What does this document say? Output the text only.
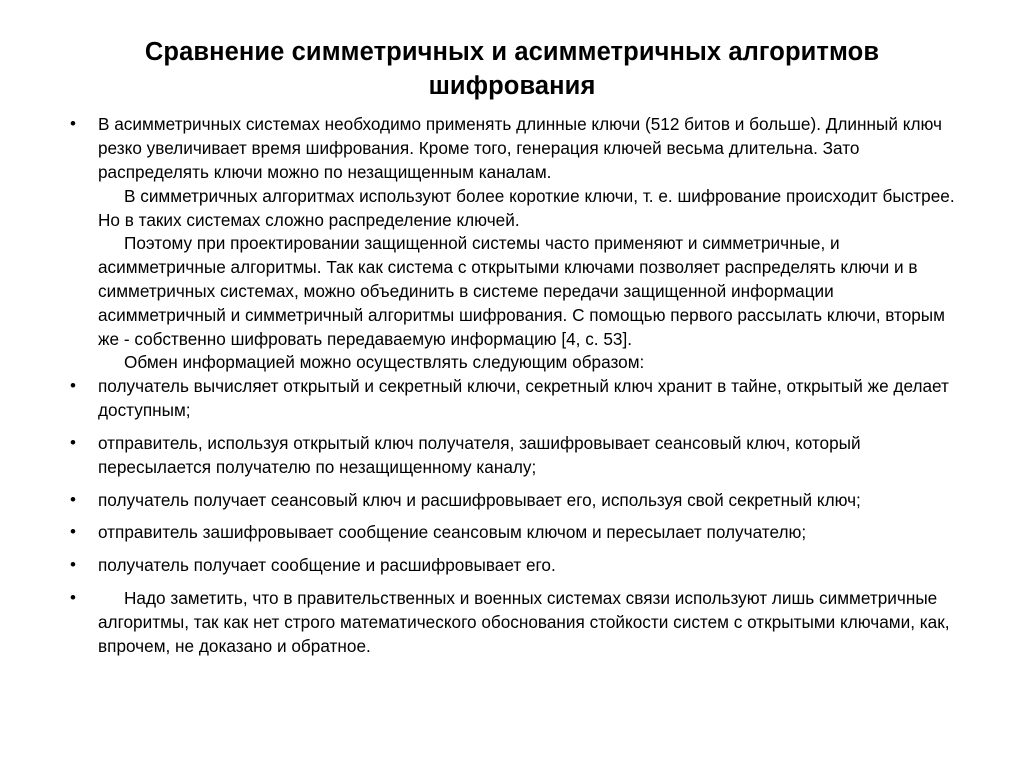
Сравнение симметричных и асимметричных алгоритмов шифрования

• В асимметричных системах необходимо применять длинные ключи (512 битов и больше). Длинный ключ резко увеличивает время шифрования. Кроме того, генерация ключей весьма длительна. Зато распределять ключи можно по незащищенным каналам.

В симметричных алгоритмах используют более короткие ключи, т. е. шифрование происходит быстрее. Но в таких системах сложно распределение ключей.

Поэтому при проектировании защищенной системы часто применяют и симметричные, и асимметричные алгоритмы. Так как система с открытыми ключами позволяет распределять ключи и в симметричных системах, можно объединить в системе передачи защищенной информации асимметричный и симметричный алгоритмы шифрования. С помощью первого рассылать ключи, вторым же - собственно шифровать передаваемую информацию [4, с. 53].

Обмен информацией можно осуществлять следующим образом:

• получатель вычисляет открытый и секретный ключи, секретный ключ хранит в тайне, открытый же делает доступным;

• отправитель, используя открытый ключ получателя, зашифровывает сеансовый ключ, который пересылается получателю по незащищенному каналу;

• получатель получает сеансовый ключ и расшифровывает его, используя свой секретный ключ;

• отправитель зашифровывает сообщение сеансовым ключом и пересылает получателю;

• получатель получает сообщение и расшифровывает его.

• Надо заметить, что в правительственных и военных системах связи используют лишь симметричные алгоритмы, так как нет строго математического обоснования стойкости систем с открытыми ключами, как, впрочем, не доказано и обратное.
